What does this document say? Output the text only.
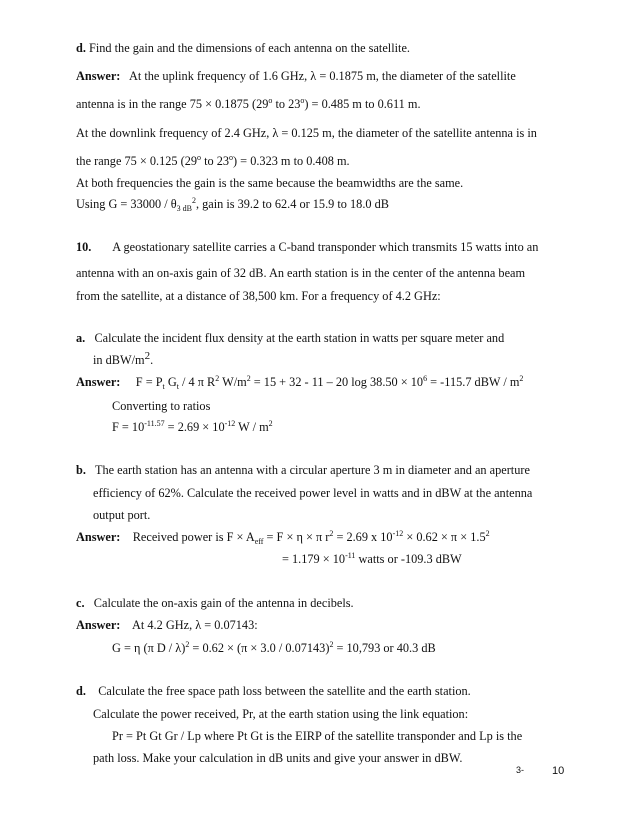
d. Find the gain and the dimensions of each antenna on the satellite.
Answer: At the uplink frequency of 1.6 GHz, λ = 0.1875 m, the diameter of the satellite
antenna is in the range 75 × 0.1875 (29$^o$ to $23^o) = 0.485$ m to 0.611 m.
At the downlink frequency of 2.4 GHz, λ = 0.125 m, the diameter of the satellite antenna is in
the range 75 × 0.125 (29$^o$ to $23^o) = 0.323$ m to 0.408 m.
At both frequencies the gain is the same because the beamwidths are the same.
Using $G = 33000 / \theta_{3 dB}^2$, gain is 39.2 to 62.4 or 15.9 to 18.0 dB
10. A geostationary satellite carries a C-band transponder which transmits 15 watts into an
antenna with an on-axis gain of 32 dB. An earth station is in the center of the antenna beam
from the satellite, at a distance of 38,500 km. For a frequency of 4.2 GHz:
a. Calculate the incident flux density at the earth station in watts per square meter and
in dBW/$m^2$.
Answer: $F = P_t$ $G_t / 4$ π $R^2$ $W/m^2 = 15 + 32 - 11 - 20$ $\log 38.50 \times 10^6 = -115.7$ dBW / $m^2$
Converting to ratios
$F = 10^{-11.57} = 2.69 \times 10^{-12}$ W / $m^2$
b. The earth station has an antenna with a circular aperture 3 m in diameter and an aperture
efficiency of 62%. Calculate the received power level in watts and in dBW at the antenna
output port.
Answer: Received power is $F \times A_{eff} = F \times \eta \times \pi$ $r^2 = 2.69$ x $10^{-12} \times 0.62 \times \pi \times 1.5^2$
= $1.179 \times 10^{-11}$ watts or -109.3 dBW
c. Calculate the on-axis gain of the antenna in decibels.
Answer: At 4.2 GHz, λ = 0.07143:
G = η (π $D / \lambda)^2 = 0.62 \times (\pi \times 3.0 / 0.07143)^2 = 10,793$ or 40.3 dB
d. Calculate the free space path loss between the satellite and the earth station.
Calculate the power received, Pr, at the earth station using the link equation:
Pr = Pt Gt Gr / Lp where Pt Gt is the EIRP of the satellite transponder and Lp is the
path loss. Make your calculation in dB units and give your answer in dBW.
3-	10
